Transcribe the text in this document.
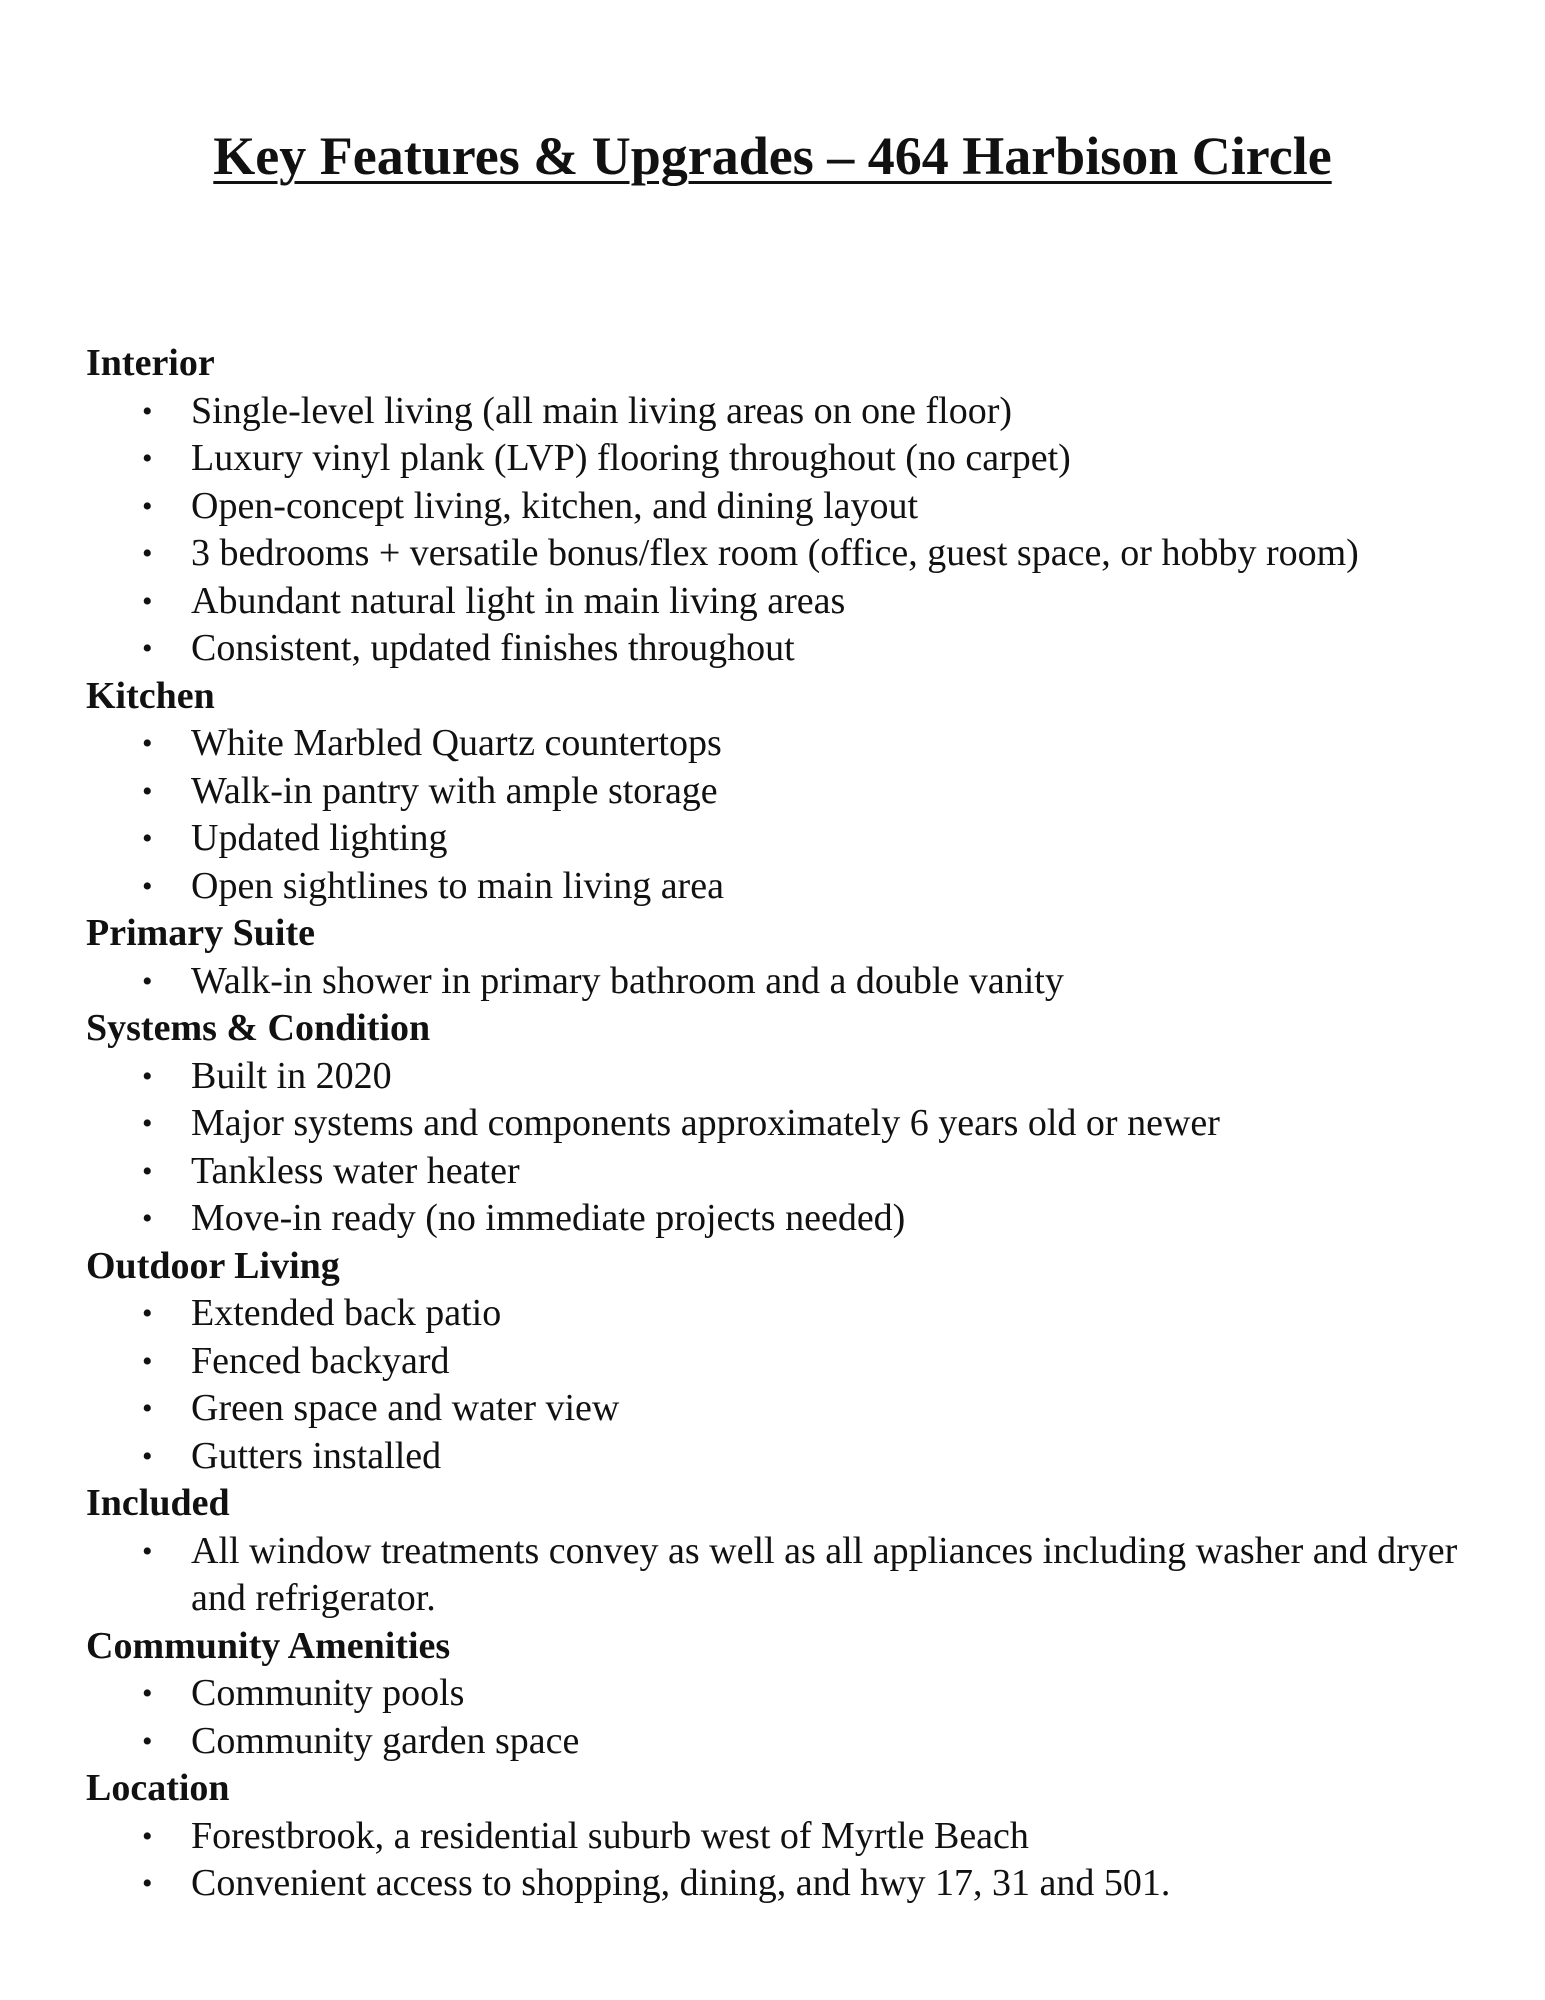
Key Features & Upgrades – 464 Harbison Circle
Interior
• Single-level living (all main living areas on one floor)
• Luxury vinyl plank (LVP) flooring throughout (no carpet)
• Open-concept living, kitchen, and dining layout
• 3 bedrooms + versatile bonus/flex room (office, guest space, or hobby room)
• Abundant natural light in main living areas
• Consistent, updated finishes throughout
Kitchen
• White Marbled Quartz countertops
• Walk-in pantry with ample storage
• Updated lighting
• Open sightlines to main living area
Primary Suite
• Walk-in shower in primary bathroom and a double vanity
Systems & Condition
• Built in 2020
• Major systems and components approximately 6 years old or newer
• Tankless water heater
• Move-in ready (no immediate projects needed)
Outdoor Living
• Extended back patio
• Fenced backyard
• Green space and water view
• Gutters installed
Included
• All window treatments convey as well as all appliances including washer and dryer and refrigerator.
Community Amenities
• Community pools
• Community garden space
Location
• Forestbrook, a residential suburb west of Myrtle Beach
• Convenient access to shopping, dining, and hwy 17, 31 and 501.
